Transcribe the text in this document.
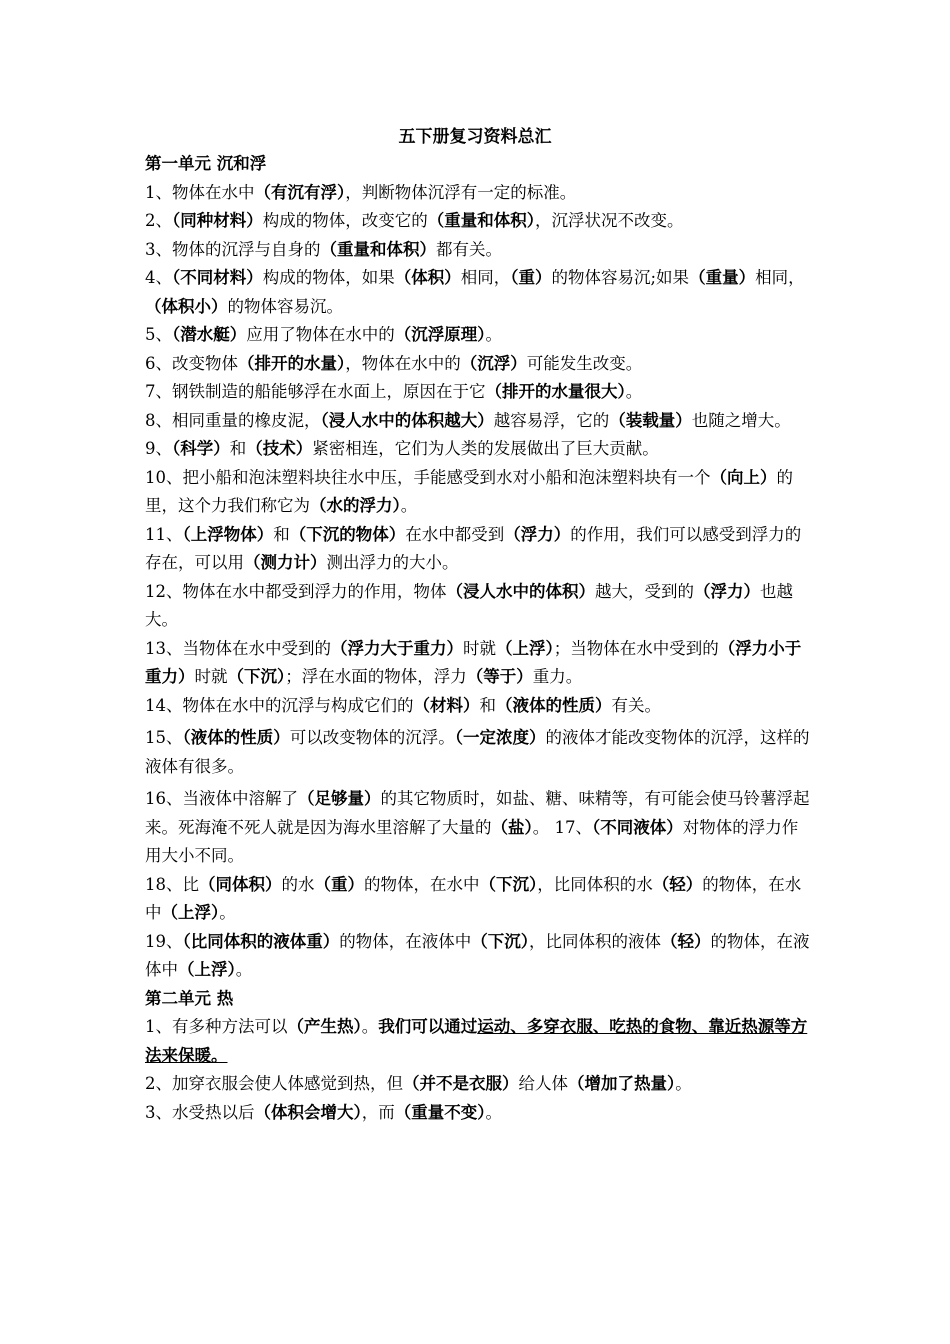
五下册复习资料总汇

第一单元 沉和浮

1、物体在水中（有沉有浮），判断物体沉浮有一定的标准。

2、（同种材料）构成的物体，改变它的（重量和体积），沉浮状况不改变。

3、物体的沉浮与自身的（重量和体积）都有关。

4、（不同材料）构成的物体，如果（体积）相同，（重）的物体容易沉;如果（重量）相同，（体积小）的物体容易沉。

5、（潜水艇）应用了物体在水中的（沉浮原理）。

6、改变物体（排开的水量），物体在水中的（沉浮）可能发生改变。

7、钢铁制造的船能够浮在水面上，原因在于它（排开的水量很大）。

8、相同重量的橡皮泥，（浸人水中的体积越大）越容易浮，它的（装载量）也随之增大。

9、（科学）和（技术）紧密相连，它们为人类的发展做出了巨大贡献。

10、把小船和泡沫塑料块往水中压，手能感受到水对小船和泡沫塑料块有一个（向上）的里，这个力我们称它为（水的浮力）。

11、（上浮物体）和（下沉的物体）在水中都受到（浮力）的作用，我们可以感受到浮力的存在，可以用（测力计）测出浮力的大小。

12、物体在水中都受到浮力的作用，物体（浸人水中的体积）越大，受到的（浮力）也越大。

13、当物体在水中受到的（浮力大于重力）时就（上浮）；当物体在水中受到的（浮力小于重力）时就（下沉）；浮在水面的物体，浮力（等于）重力。

14、物体在水中的沉浮与构成它们的（材料）和（液体的性质）有关。

15、（液体的性质）可以改变物体的沉浮。（一定浓度）的液体才能改变物体的沉浮，这样的液体有很多。

16、当液体中溶解了（足够量）的其它物质时，如盐、糖、味精等，有可能会使马铃薯浮起来。死海淹不死人就是因为海水里溶解了大量的（盐）。 17、（不同液体）对物体的浮力作用大小不同。

18、比（同体积）的水（重）的物体，在水中（下沉），比同体积的水（轻）的物体，在水中（上浮）。

19、（比同体积的液体重）的物体，在液体中（下沉），比同体积的液体（轻）的物体，在液体中（上浮）。

第二单元 热

1、有多种方法可以（产生热）。我们可以通过运动、多穿衣服、吃热的食物、靠近热源等方法来保暖。

2、加穿衣服会使人体感觉到热，但（并不是衣服）给人体（增加了热量）。

3、水受热以后（体积会增大），而（重量不变）。
